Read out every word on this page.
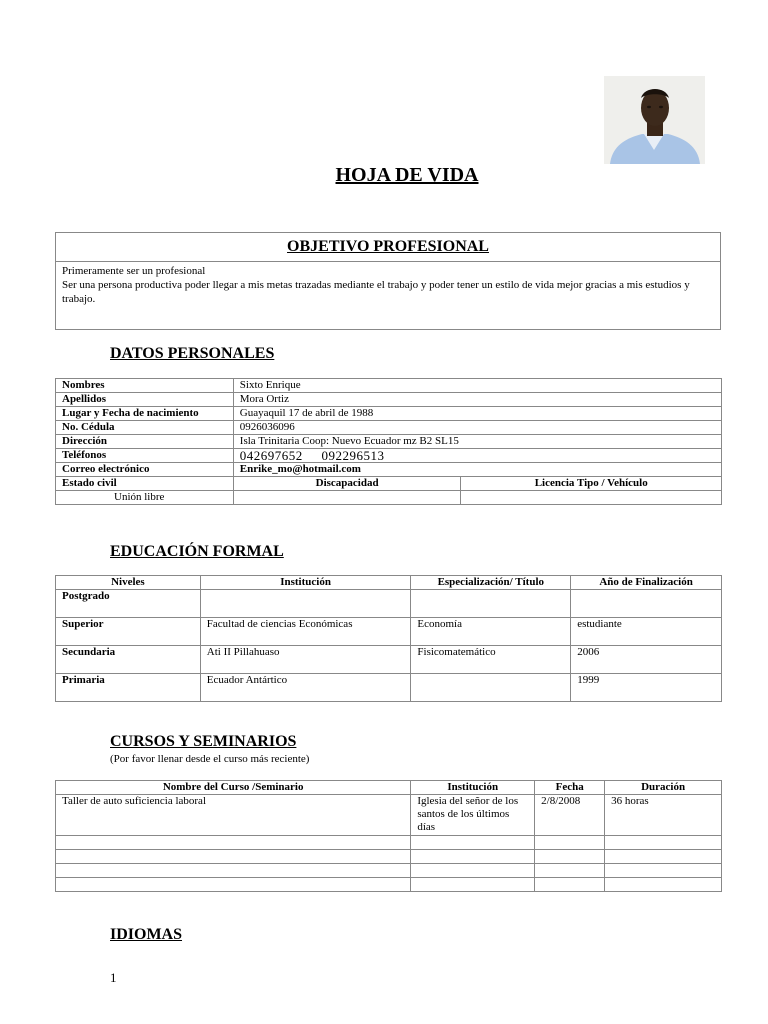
HOJA DE VIDA
OBJETIVO PROFESIONAL
Primeramente ser un profesional
Ser una persona productiva poder llegar a mis metas trazadas mediante el trabajo y poder tener un estilo de vida mejor gracias a mis estudios y trabajo.
DATOS PERSONALES
Nombres	Sixto Enrique	
Apellidos	Mora Ortiz	
Lugar y Fecha de nacimiento	Guayaquil 17 de abril de 1988	
No. Cédula	0926036096	
Dirección	Isla Trinitaria Coop: Nuevo Ecuador mz B2 SL15	
Teléfonos	042697652     092296513	
Correo electrónico	Enrike_mo@hotmail.com	
Estado civil	Discapacidad	Licencia Tipo / Vehículo
Unión libre		
EDUCACIÓN FORMAL
Niveles	Institución	Especialización/ Título	Año de Finalización
Postgrado			
Superior	Facultad de ciencias Económicas	Economía	estudiante
Secundaria	Ati II Pillahuaso	Fisicomatemático	2006
Primaria	Ecuador Antártico		1999
CURSOS Y SEMINARIOS
(Por favor llenar desde el curso más reciente)
Nombre del Curso /Seminario	Institución	Fecha	Duración
Taller de auto suficiencia laboral	Iglesia del señor de los santos de los últimos días	2/8/2008	36 horas

IDIOMAS
1
